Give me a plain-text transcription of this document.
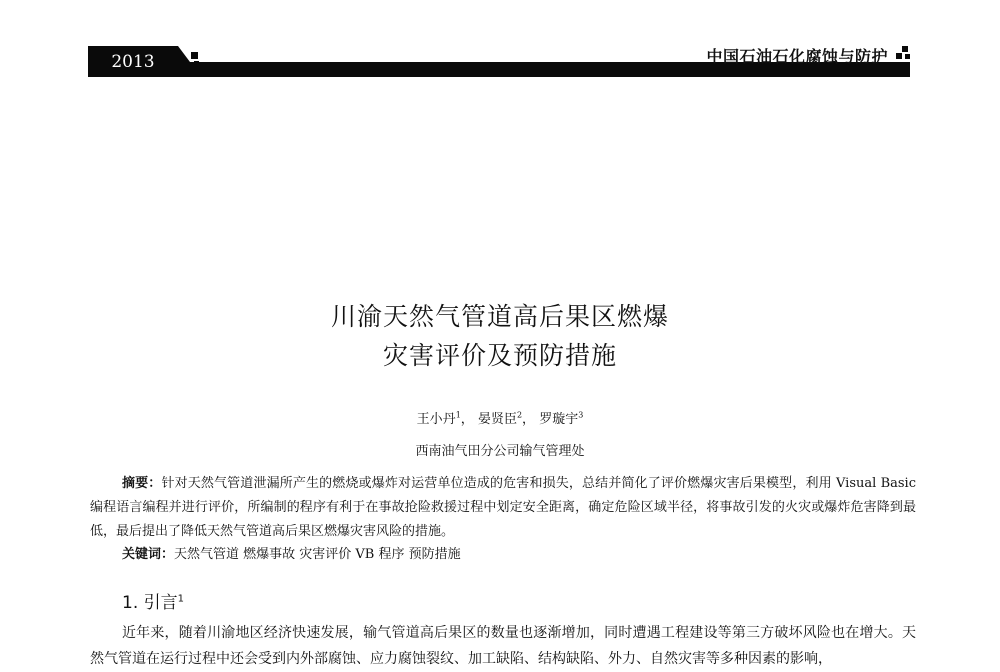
2013	中国石油石化腐蚀与防护
川渝天然气管道高后果区燃爆
灾害评价及预防措施
王小丹$^1$， 晏贤臣$^2$， 罗璇宇$^3$
西南油气田分公司输气管理处
摘要：针对天然气管道泄漏所产生的燃烧或爆炸对运营单位造成的危害和损失，总结并简化了评价燃爆灾害后果模型，利用 Visual Basic 编程语言编程并进行评价，所编制的程序有利于在事故抢险救援过程中划定安全距离，确定危险区域半径，将事故引发的火灾或爆炸危害降到最低，最后提出了降低天然气管道高后果区燃爆灾害风险的措施。
关键词：天然气管道 燃爆事故 灾害评价 VB 程序 预防措施
1. 引言$^1$
近年来，随着川渝地区经济快速发展，输气管道高后果区的数量也逐渐增加，同时遭遇工程建设等第三方破坏风险也在增大。天然气管道在运行过程中还会受到内外部腐蚀、应力腐蚀裂纹、加工缺陷、结构缺陷、外力、自然灾害等多种因素的影响，
